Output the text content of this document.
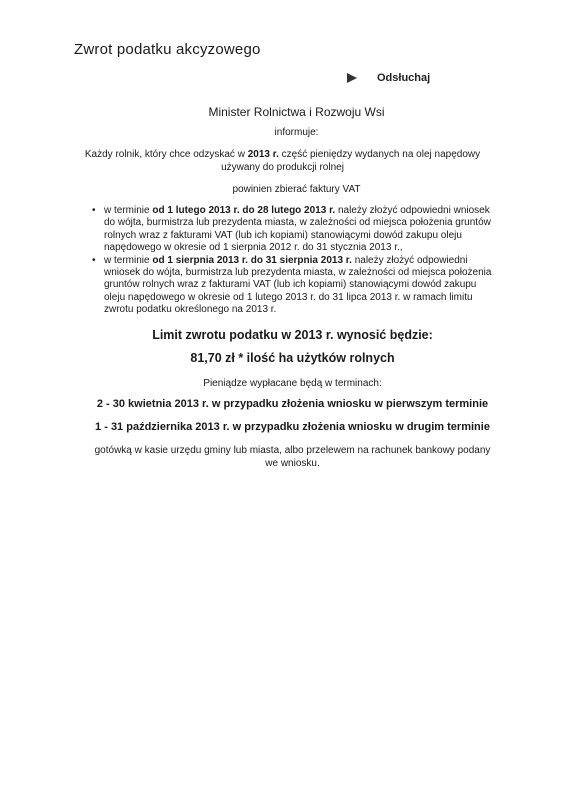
Zwrot podatku akcyzowego
Odsłuchaj
Minister Rolnictwa i Rozwoju Wsi
informuje:
Każdy rolnik, który chce odzyskać w 2013 r. część pieniędzy wydanych na olej napędowy używany do produkcji rolnej
powinien zbierać faktury VAT
• w terminie od 1 lutego 2013 r. do 28 lutego 2013 r. należy złożyć odpowiedni wniosek do wójta, burmistrza lub prezydenta miasta, w zależności od miejsca położenia gruntów rolnych wraz z fakturami VAT (lub ich kopiami) stanowiącymi dowód zakupu oleju napędowego w okresie od 1 sierpnia 2012 r. do 31 stycznia 2013 r.,
• w terminie od 1 sierpnia 2013 r. do 31 sierpnia 2013 r. należy złożyć odpowiedni wniosek do wójta, burmistrza lub prezydenta miasta, w zależności od miejsca położenia gruntów rolnych wraz z fakturami VAT (lub ich kopiami) stanowiącymi dowód zakupu oleju napędowego w okresie od 1 lutego 2013 r. do 31 lipca 2013 r. w ramach limitu zwrotu podatku określonego na 2013 r.
Limit zwrotu podatku w 2013 r. wynosić będzie:
81,70 zł * ilość ha użytków rolnych
Pieniądze wypłacane będą w terminach:
2 - 30 kwietnia 2013 r. w przypadku złożenia wniosku w pierwszym terminie
1 - 31 października 2013 r. w przypadku złożenia wniosku w drugim terminie
gotówką w kasie urzędu gminy lub miasta, albo przelewem na rachunek bankowy podany we wniosku.
